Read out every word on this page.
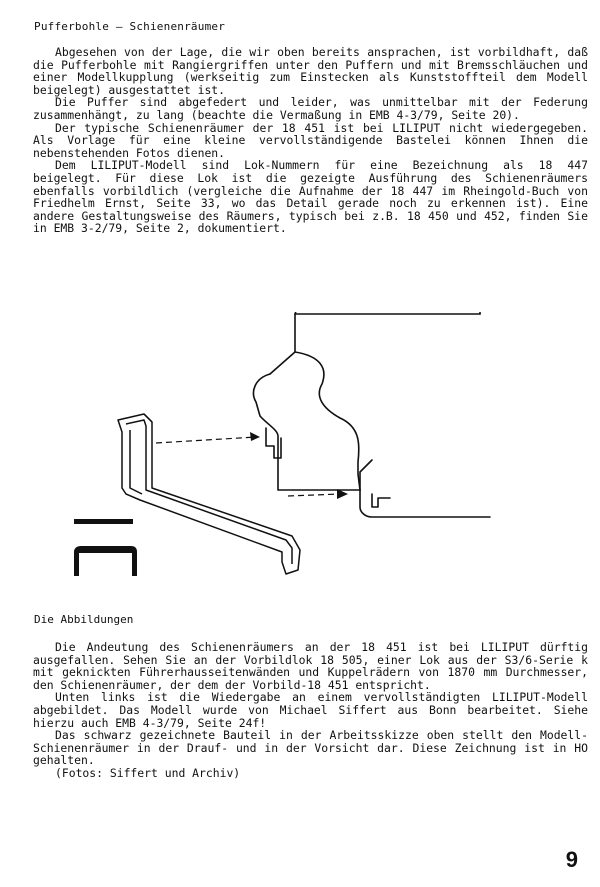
Pufferbohle – Schienenräumer

Abgesehen von der Lage, die wir oben bereits ansprachen, ist vorbildhaft, daß die Pufferbohle mit Rangiergriffen unter den Puffern und mit Bremsschläuchen und einer Modellkupplung (werkseitig zum Einstecken als Kunststoffteil dem Modell beigelegt) ausgestattet ist.

Die Puffer sind abgefedert und leider, was unmittelbar mit der Federung zusammenhängt, zu lang (beachte die Vermaßung in EMB 4-3/79, Seite 20).

Der typische Schienenräumer der 18 451 ist bei LILIPUT nicht wiedergegeben. Als Vorlage für eine kleine vervollständigende Bastelei können Ihnen die nebenstehenden Fotos dienen.

Dem LILIPUT-Modell sind Lok-Nummern für eine Bezeichnung als 18 447 beigelegt. Für diese Lok ist die gezeigte Ausführung des Schienenräumers ebenfalls vorbildlich (vergleiche die Aufnahme der 18 447 im Rheingold-Buch von Friedhelm Ernst, Seite 33, wo das Detail gerade noch zu erkennen ist). Eine andere Gestaltungsweise des Räumers, typisch bei z.B. 18 450 und 452, finden Sie in EMB 3-2/79, Seite 2, dokumentiert.

Die Abbildungen

Die Andeutung des Schienenräumers an der 18 451 ist bei LILIPUT dürftig ausgefallen. Sehen Sie an der Vorbildlok 18 505, einer Lok aus der S3/6-Serie k mit geknickten Führerhausseitenwänden und Kuppelrädern von 1870 mm Durchmesser, den Schienenräumer, der dem der Vorbild-18 451 entspricht.

Unten links ist die Wiedergabe an einem vervollständigten LILIPUT-Modell abgebildet. Das Modell wurde von Michael Siffert aus Bonn bearbeitet. Siehe hierzu auch EMB 4-3/79, Seite 24f!

Das schwarz gezeichnete Bauteil in der Arbeitsskizze oben stellt den Modell-Schienenräumer in der Drauf- und in der Vorsicht dar. Diese Zeichnung ist in HO gehalten.

(Fotos: Siffert und Archiv)

9
